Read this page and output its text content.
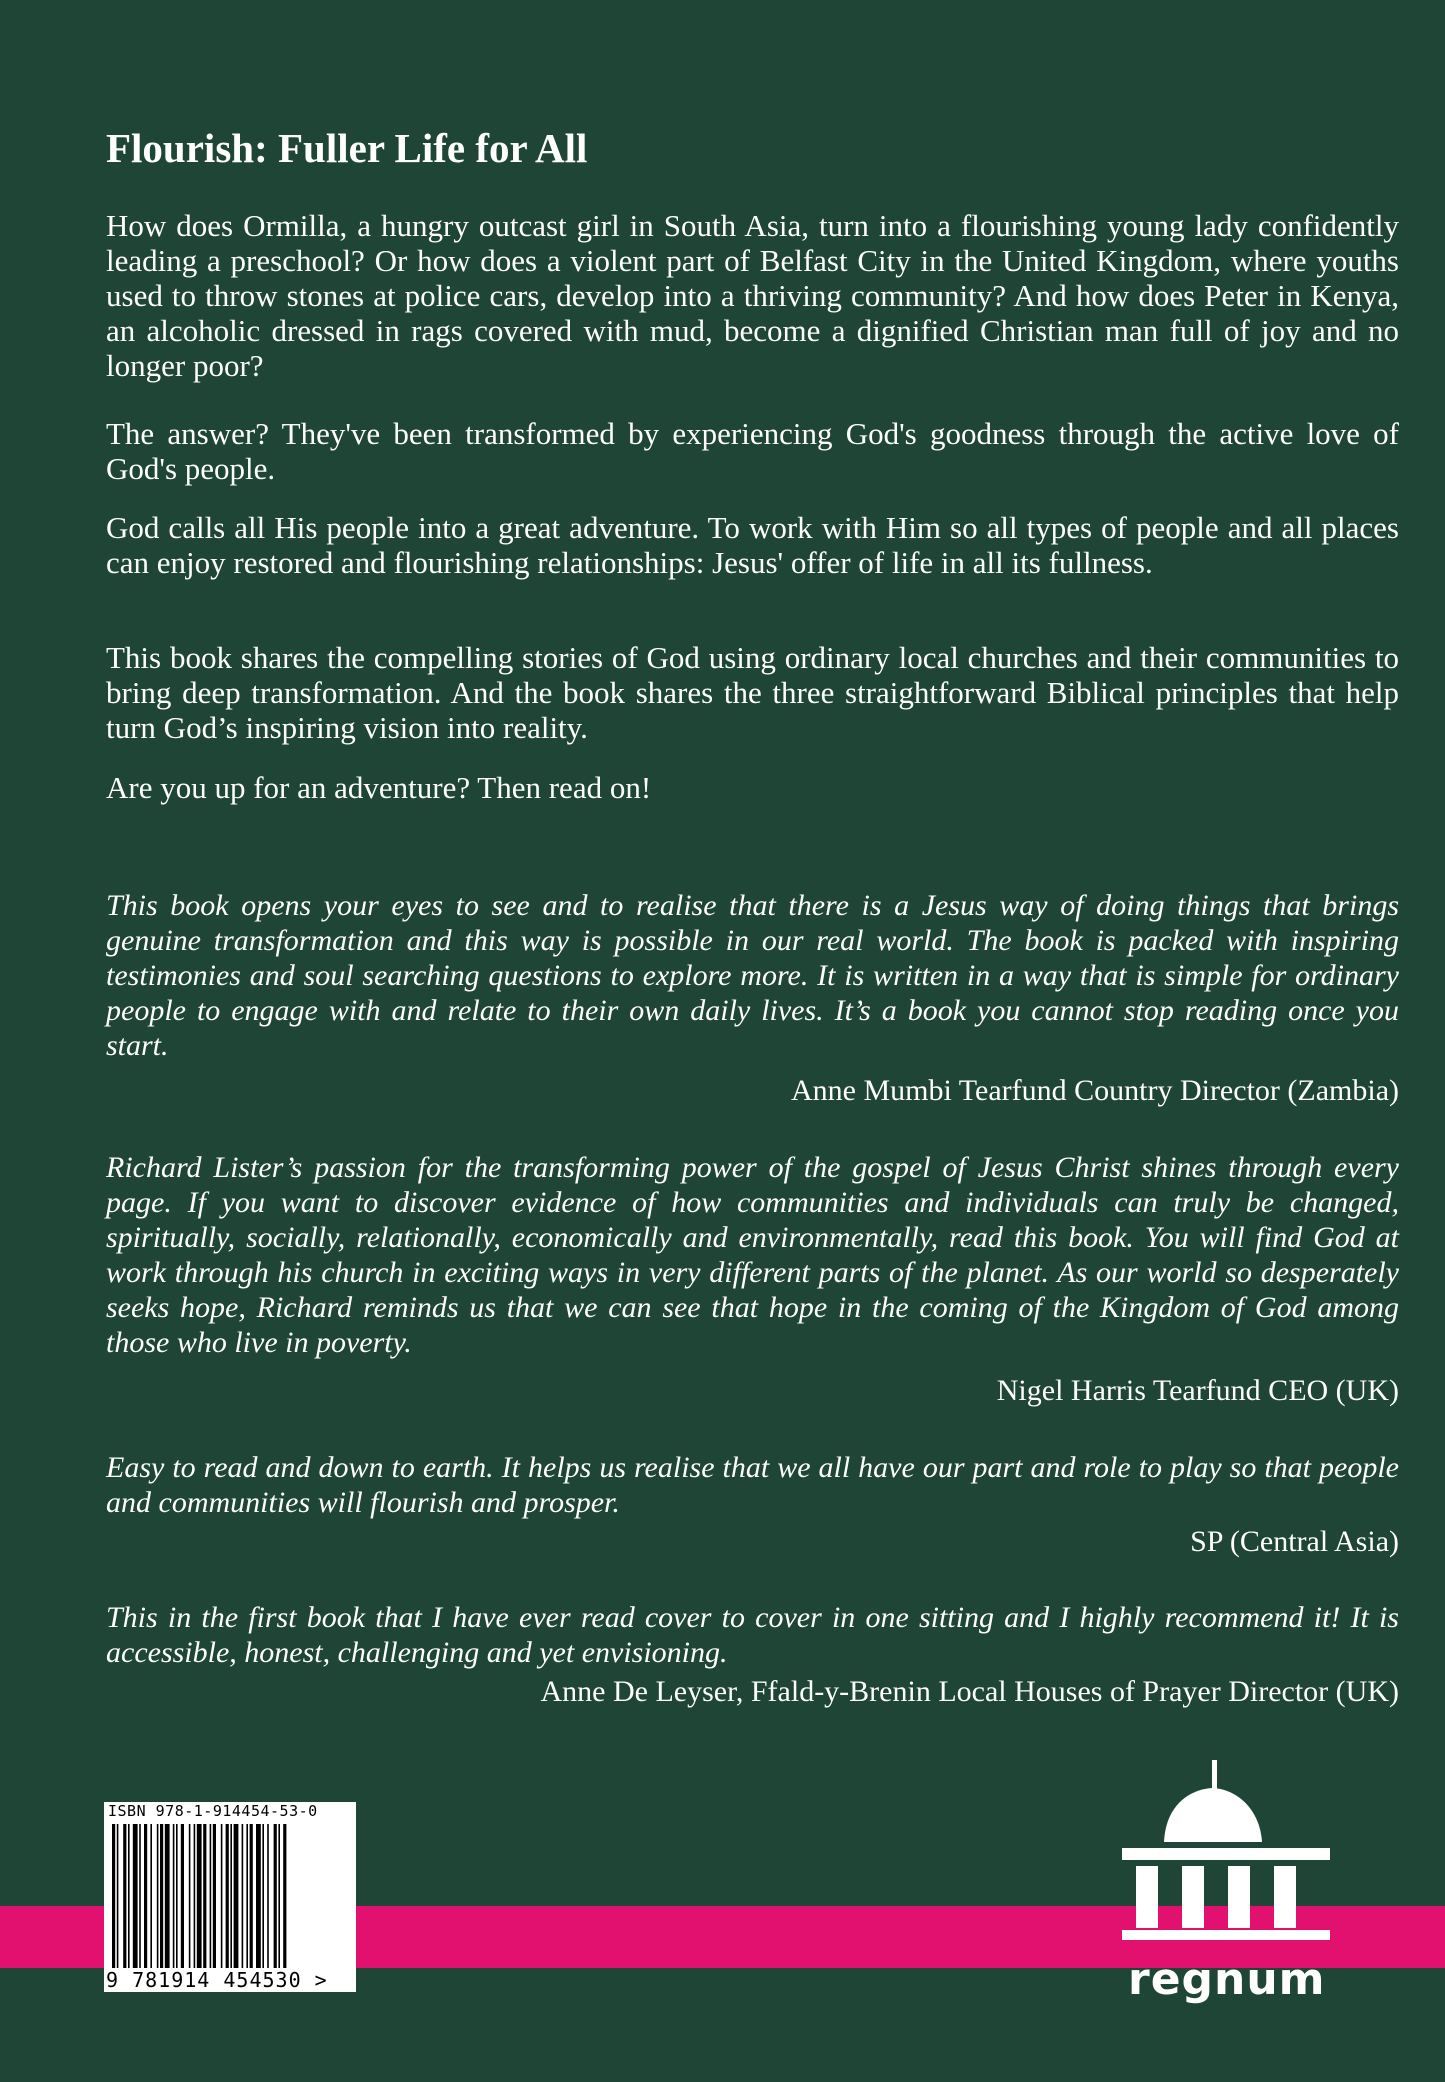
Flourish: Fuller Life for All

How does Ormilla, a hungry outcast girl in South Asia, turn into a flourishing young lady confidently leading a preschool? Or how does a violent part of Belfast City in the United Kingdom, where youths used to throw stones at police cars, develop into a thriving community? And how does Peter in Kenya, an alcoholic dressed in rags covered with mud, become a dignified Christian man full of joy and no longer poor?

The answer? They've been transformed by experiencing God's goodness through the active love of God's people.

God calls all His people into a great adventure. To work with Him so all types of people and all places can enjoy restored and flourishing relationships: Jesus' offer of life in all its fullness.

This book shares the compelling stories of God using ordinary local churches and their communities to bring deep transformation. And the book shares the three straightforward Biblical principles that help turn God’s inspiring vision into reality.

Are you up for an adventure? Then read on!

This book opens your eyes to see and to realise that there is a Jesus way of doing things that brings genuine transformation and this way is possible in our real world. The book is packed with inspiring testimonies and soul searching questions to explore more. It is written in a way that is simple for ordinary people to engage with and relate to their own daily lives. It’s a book you cannot stop reading once you start.

Anne Mumbi Tearfund Country Director (Zambia)

Richard Lister’s passion for the transforming power of the gospel of Jesus Christ shines through every page. If you want to discover evidence of how communities and individuals can truly be changed, spiritually, socially, relationally, economically and environmentally, read this book. You will find God at work through his church in exciting ways in very different parts of the planet. As our world so desperately seeks hope, Richard reminds us that we can see that hope in the coming of the Kingdom of God among those who live in poverty.

Nigel Harris Tearfund CEO (UK)

Easy to read and down to earth. It helps us realise that we all have our part and role to play so that people and communities will flourish and prosper.

SP (Central Asia)

This in the first book that I have ever read cover to cover in one sitting and I highly recommend it! It is accessible, honest, challenging and yet envisioning.

Anne De Leyser, Ffald-y-Brenin Local Houses of Prayer Director (UK)

ISBN 978-1-914454-53-0
9 781914 454530 >	regnum
